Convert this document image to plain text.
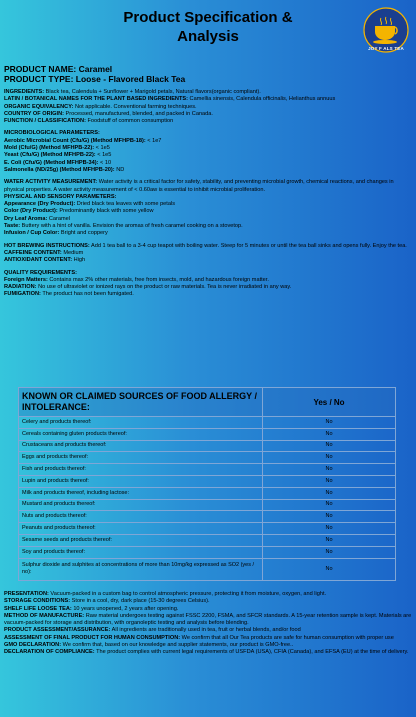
Product Specification &
Analysis
JOY F ALS TEA
PRODUCT NAME: Caramel
PRODUCT TYPE: Loose - Flavored Black Tea
INGREDIENTS: Black tea, Calendula + Sunflower + Marigold petals, Natural flavors(organic compliant).
LATIN / BOTANICAL NAMES FOR THE PLANT BASED INGREDIENTS: Camellia sinensis, Calendula officinalis, Helianthus annuus
ORGANIC EQUIVALENCY: Not applicable. Conventional farming techniques.
COUNTRY OF ORIGIN: Processed, manufactured, blended, and packed in Canada.
FUNCTION / CLASSIFICATION: Foodstuff of common consumption
MICROBIOLOGICAL PARAMETERS:
Aerobic Microbial Count (Cfu/G) (Method MFHPB-18): < 1e7
Mold (Cfu/G) (Method MFHPB-22): < 1e5
Yeast (Cfu/G) (Method MFHPB-22): < 1e5
E. Coli (Cfu/G) (Method MFHPB-34): < 10
Salmonella (ND/25g) (Method MFHPB-20): ND
WATER ACTIVITY MEASUREMENT: Water activity is a critical factor for safety, stability, and preventing microbial growth, chemical reactions, and changes in physical properties. A water activity measurement of < 0.60aw is essential to inhibit microbial proliferation.
PHYSICAL AND SENSORY PARAMETERS:
Appearance (Dry Product): Dried black tea leaves with some petals
Color (Dry Product): Predominantly black with some yellow
Dry Leaf Aroma: Caramel
Taste: Buttery with a hint of vanilla. Envision the aromas of fresh caramel cooking on a stovetop.
Infusion / Cup Color: Bright and coppery
HOT BREWING INSTRUCTIONS: Add 1 tea ball to a 3-4 cup teapot with boiling water. Steep for 5 minutes or until the tea ball sinks and opens fully. Enjoy the tea.
CAFFEINE CONTENT: Medium
ANTIOXIDANT CONTENT: High
QUALITY REQUIREMENTS:
Foreign Matters: Contains max 2% other materials, free from insects, mold, and hazardous foreign matter.
RADIATION: No use of ultraviolet or ionized rays on the product or raw materials. Tea is never irradiated in any way.
FUMIGATION: The product has not been fumigated.
KNOWN OR CLAIMED SOURCES OF FOOD ALLERGY / INTOLERANCE:	Yes / No
Celery and products thereof:	No
Cereals containing gluten products thereof:	No
Crustaceans and products thereof:	No
Eggs and products thereof:	No
Fish and products thereof:	No
Lupin and products thereof:	No
Milk and products thereof, including lactose:	No
Mustard and products thereof:	No
Nuts and products thereof:	No
Peanuts and products thereof:	No
Sesame seeds and products thereof:	No
Soy and products thereof:	No
Sulphur dioxide and sulphites at concentrations of more than 10mg/kg expressed as SO2 (yes / no):	No
PRESENTATION: Vacuum-packed in a custom bag to control atmospheric pressure, protecting it from moisture, oxygen, and light.
STORAGE CONDITIONS: Store in a cool, dry, dark place (15-30 degrees Celsius).
SHELF LIFE LOOSE TEA: 10 years unopened, 2 years after opening.
METHOD OF MANUFACTURE: Raw material undergoes testing against FSSC 2200, FSMA, and SFCR standards. A 15-year retention sample is kept. Materials are vacuum-packed for storage and distribution, with organoleptic testing and analysis before blending.
PRODUCT ASSESSMENT/ASSURANCE: All ingredients are traditionally used in tea, fruit or herbal blends, and/or food
ASSESSMENT OF FINAL PRODUCT FOR HUMAN CONSUMPTION: We confirm that all Our Tea products are safe for human consumption with proper use
GMO DECLARATION: We confirm that, based on our knowledge and supplier statements, our product is GMO-free..
DECLARATION OF COMPLIANCE: The product complies with current legal requirements of USFDA (USA), CFIA (Canada), and EFSA (EU) at the time of delivery.
